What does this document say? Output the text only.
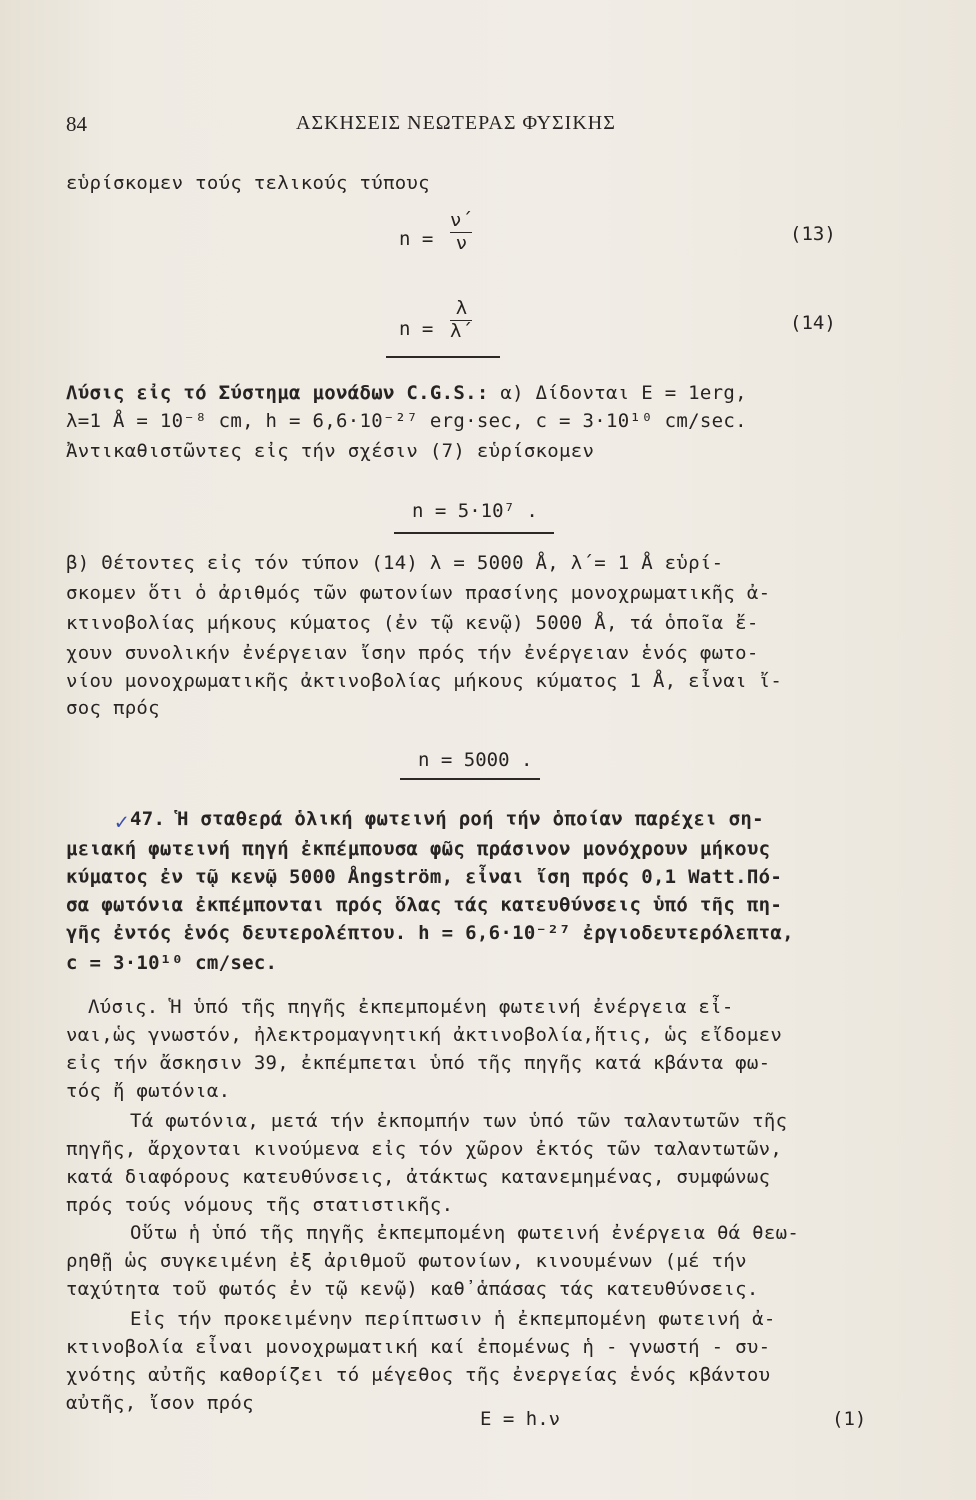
84	ΑΣΚΗΣΕΙΣ ΝΕΩΤΕΡΑΣ ΦΥΣΙΚΗΣ
εὑρίσκομεν τούς τελικούς τύπους
n =
ν΄
ν	(13)
n =
λ
λ΄	(14)
Λύσις εἰς τό Σύστημα μονάδων C.G.S.: α) Δίδονται Ε = 1erg,
λ=1 Å = 10⁻⁸ cm, h = 6,6·10⁻²⁷ erg·sec, c = 3·10¹⁰ cm/sec.
Ἀντικαθιστῶντες εἰς τήν σχέσιν (7) εὑρίσκομεν
n = 5·10⁷ .
β) Θέτοντες εἰς τόν τύπον (14) λ = 5000 Å, λ΄= 1 Å εὑρί-
σκομεν ὅτι ὁ ἀριθμός τῶν φωτονίων πρασίνης μονοχρωματικῆς ἀ-
κτινοβολίας μήκους κύματος (ἐν τῷ κενῷ) 5000 Å, τά ὁποῖα ἔ-
χουν συνολικήν ἐνέργειαν ἴσην πρός τήν ἐνέργειαν ἑνός φωτο-
νίου μονοχρωματικῆς ἀκτινοβολίας μήκους κύματος 1 Å, εἶναι ἴ-
σος πρός
n = 5000 .
✓ 47. Ἡ σταθερά ὁλική φωτεινή ροή τήν ὁποίαν παρέχει ση-
μειακή φωτεινή πηγή ἐκπέμπουσα φῶς πράσινον μονόχρουν μήκους
κύματος ἐν τῷ κενῷ 5000 Ångström, εἶναι ἴση πρός 0,1 Watt.Πό-
σα φωτόνια ἐκπέμπονται πρός ὅλας τάς κατευθύνσεις ὑπό τῆς πη-
γῆς ἐντός ἑνός δευτερολέπτου. h = 6,6·10⁻²⁷ ἐργιοδευτερόλεπτα,
c = 3·10¹⁰ cm/sec.
Λύσις. Ἡ ὑπό τῆς πηγῆς ἐκπεμπομένη φωτεινή ἐνέργεια εἶ-
ναι,ὡς γνωστόν, ἠλεκτρομαγνητική ἀκτινοβολία,ἥτις, ὡς εἴδομεν
εἰς τήν ἄσκησιν 39, ἐκπέμπεται ὑπό τῆς πηγῆς κατά κβάντα φω-
τός ἤ φωτόνια.
Τά φωτόνια, μετά τήν ἐκπομπήν των ὑπό τῶν ταλαντωτῶν τῆς
πηγῆς, ἄρχονται κινούμενα εἰς τόν χῶρον ἐκτός τῶν ταλαντωτῶν,
κατά διαφόρους κατευθύνσεις, ἀτάκτως κατανεμημένας, συμφώνως
πρός τούς νόμους τῆς στατιστικῆς.
Οὕτω ἡ ὑπό τῆς πηγῆς ἐκπεμπομένη φωτεινή ἐνέργεια θά θεω-
ρηθῇ ὡς συγκειμένη ἐξ ἀριθμοῦ φωτονίων, κινουμένων (μέ τήν
ταχύτητα τοῦ φωτός ἐν τῷ κενῷ) καθ᾿ἁπάσας τάς κατευθύνσεις.
Εἰς τήν προκειμένην περίπτωσιν ἡ ἐκπεμπομένη φωτεινή ἀ-
κτινοβολία εἶναι μονοχρωματική καί ἐπομένως ἡ - γνωστή - συ-
χνότης αὐτῆς καθορίζει τό μέγεθος τῆς ἐνεργείας ἑνός κβάντου
αὐτῆς, ἴσον πρός
Ε = h.ν	(1)
